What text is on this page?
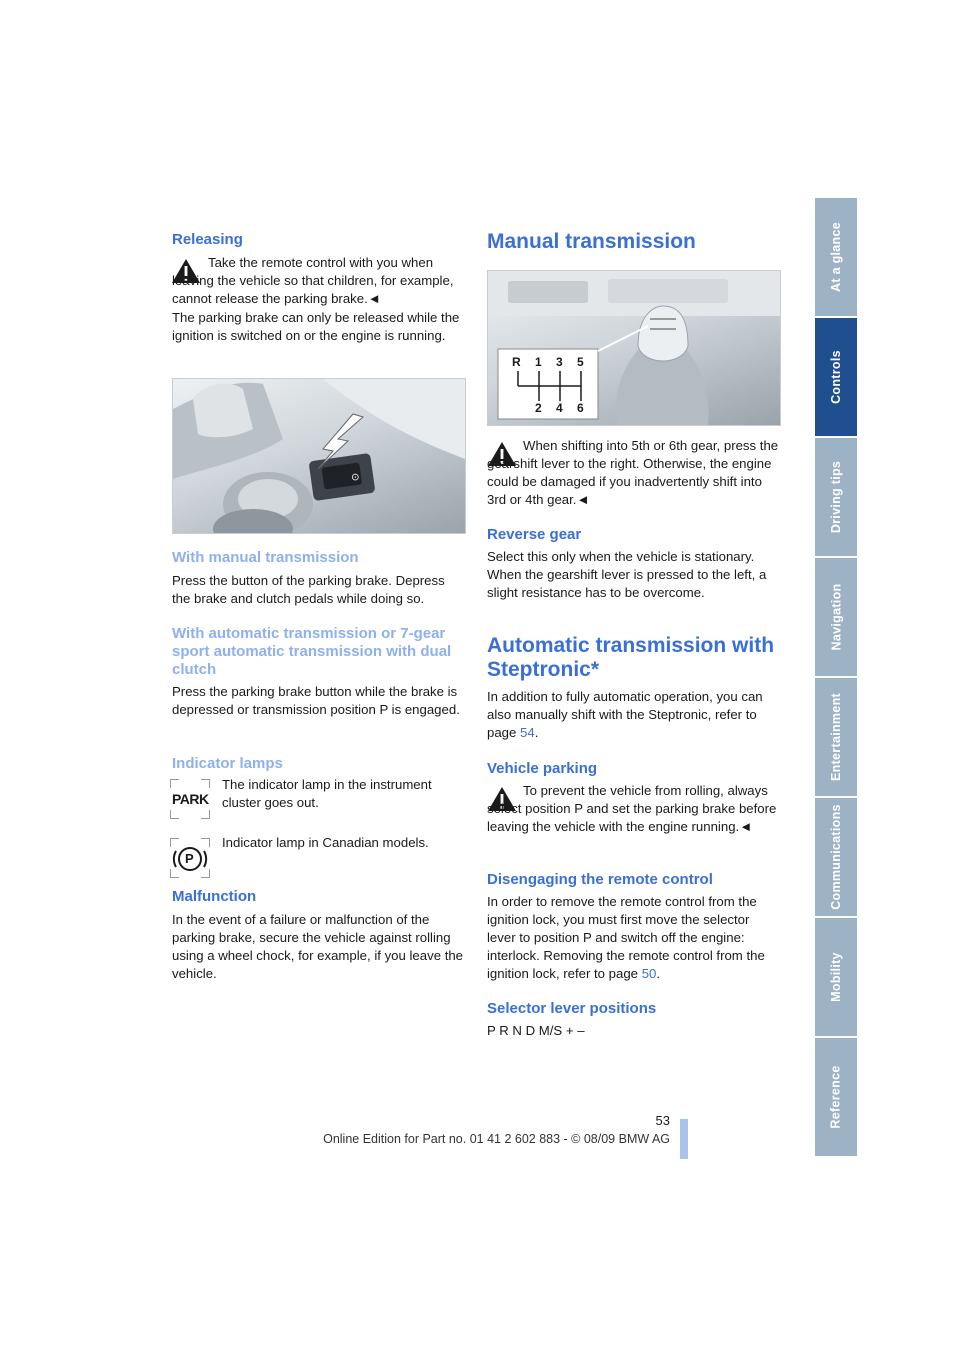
Releasing

Take the remote control with you when leaving the vehicle so that children, for example, cannot release the parking brake.◄

The parking brake can only be released while the ignition is switched on or the engine is running.

⊙
With manual transmission

Press the button of the parking brake. Depress the brake and clutch pedals while doing so.

With automatic transmission or 7-gear sport automatic transmission with dual clutch

Press the parking brake button while the brake is depressed or transmission position P is engaged.

Indicator lamps
PARK

The indicator lamp in the instrument cluster goes out.

P

Indicator lamp in Canadian models.

Malfunction

In the event of a failure or malfunction of the parking brake, secure the vehicle against rolling using a wheel chock, for example, if you leave the vehicle.

Manual transmission
R 1 3 5
2 4 6

When shifting into 5th or 6th gear, press the gearshift lever to the right. Otherwise, the engine could be damaged if you inadvertently shift into 3rd or 4th gear.◄

Reverse gear

Select this only when the vehicle is stationary. When the gearshift lever is pressed to the left, a slight resistance has to be overcome.

Automatic transmission with Steptronic*

In addition to fully automatic operation, you can also manually shift with the Steptronic, refer to page 54.

Vehicle parking

To prevent the vehicle from rolling, always select position P and set the parking brake before leaving the vehicle with the engine running.◄

Disengaging the remote control

In order to remove the remote control from the ignition lock, you must first move the selector lever to position P and switch off the engine: interlock. Removing the remote control from the ignition lock, refer to page 50.

Selector lever positions

P R N D M/S + –

At a glance
Controls
Driving tips
Navigation
Entertainment
Communications
Mobility
Reference
53
Online Edition for Part no. 01 41 2 602 883 - © 08/09 BMW AG
